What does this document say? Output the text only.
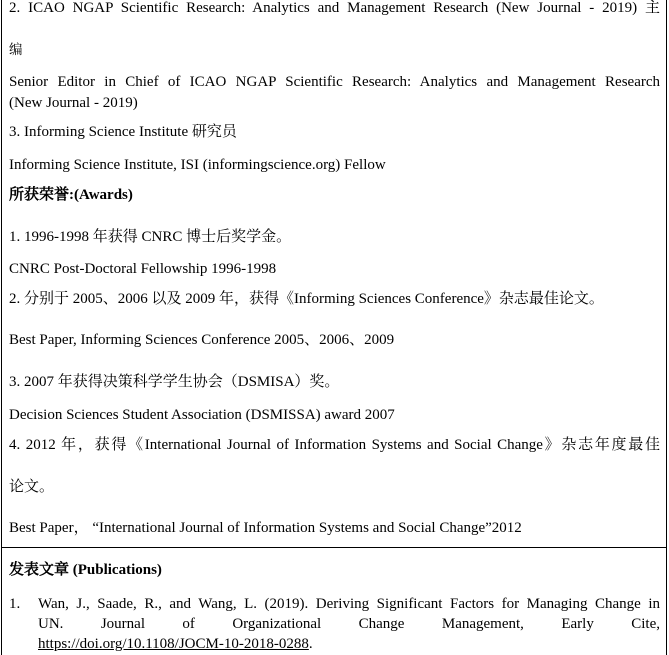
2. ICAO NGAP Scientific Research: Analytics and Management Research (New Journal - 2019) 主
编
Senior Editor in Chief of ICAO NGAP Scientific Research: Analytics and Management Research
(New Journal - 2019)
3. Informing Science Institute 研究员
Informing Science Institute, ISI (informingscience.org) Fellow
所获荣誉:(Awards)
1. 1996-1998 年获得 CNRC 博士后奖学金。
CNRC Post-Doctoral Fellowship 1996-1998
2. 分别于 2005、2006 以及 2009 年，获得《Informing Sciences Conference》杂志最佳论文。
Best Paper, Informing Sciences Conference 2005、2006、2009
3. 2007 年获得决策科学学生协会（DSMISA）奖。
Decision Sciences Student Association (DSMISSA) award 2007
4. 2012 年，获得《International Journal of Information Systems and Social Change》杂志年度最佳
论文。
Best Paper， “International Journal of Information Systems and Social Change”2012
发表文章 (Publications)
1. Wan, J., Saade, R., and Wang, L. (2019). Deriving Significant Factors for Managing Change in
UN. Journal of Organizational Change Management, Early Cite,
https://doi.org/10.1108/JOCM-10-2018-0288.
